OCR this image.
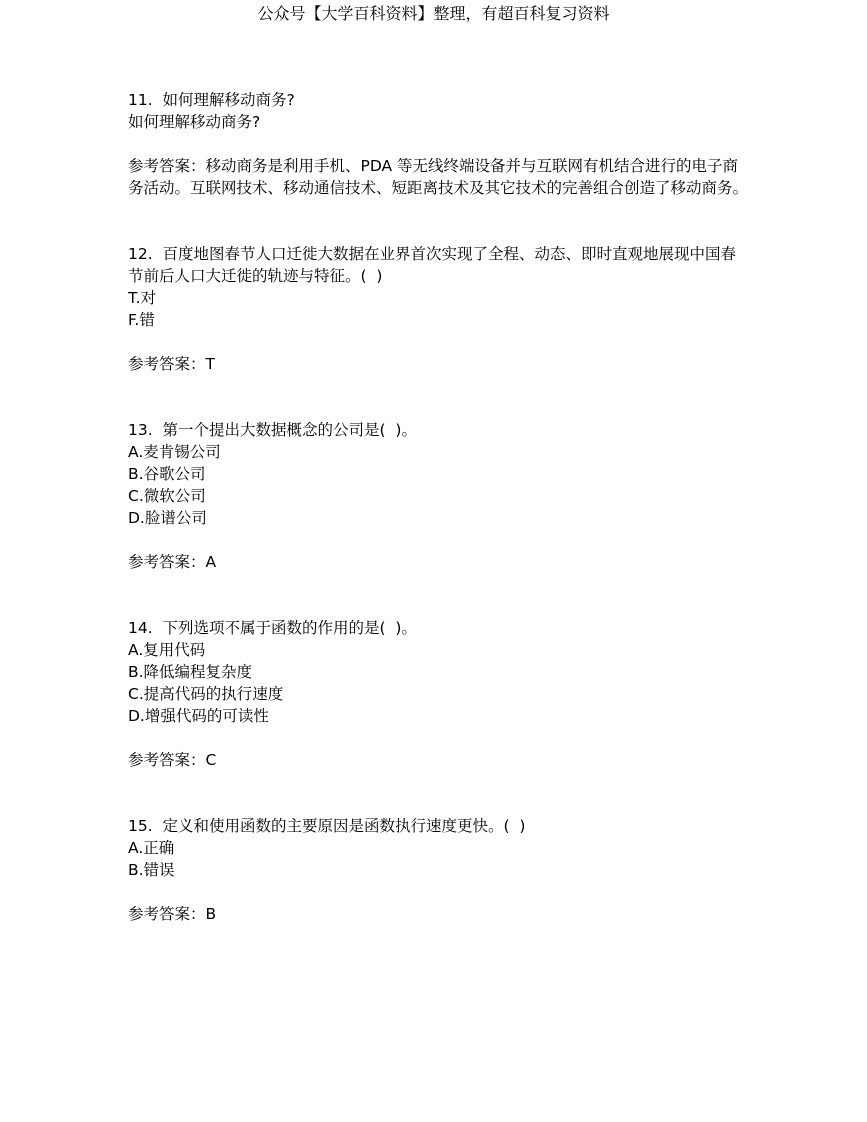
公众号【大学百科资料】整理，有超百科复习资料
11.  如何理解移动商务?
如何理解移动商务?
参考答案：移动商务是利用手机、PDA 等无线终端设备并与互联网有机结合进行的电子商务活动。互联网技术、移动通信技术、短距离技术及其它技术的完善组合创造了移动商务。
12.  百度地图春节人口迁徙大数据在业界首次实现了全程、动态、即时直观地展现中国春节前后人口大迁徙的轨迹与特征。(  )
T.对
F.错
参考答案：T
13.  第一个提出大数据概念的公司是(  )。
A.麦肯锡公司
B.谷歌公司
C.微软公司
D.脸谱公司
参考答案：A
14.  下列选项不属于函数的作用的是(  )。
A.复用代码
B.降低编程复杂度
C.提高代码的执行速度
D.增强代码的可读性
参考答案：C
15.  定义和使用函数的主要原因是函数执行速度更快。(  )
A.正确
B.错误
参考答案：B
